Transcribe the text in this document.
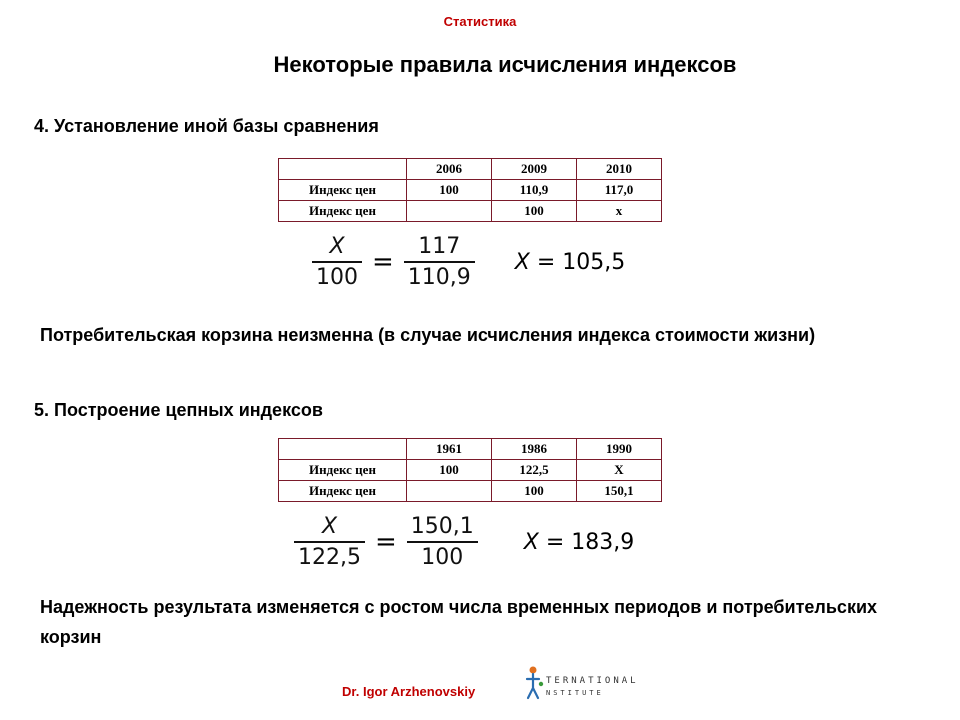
Статистика
Некоторые правила исчисления индексов
4. Установление иной базы сравнения
	2006	2009	2010
Индекс цен	100	110,9	117,0
Индекс цен		100	x
$\frac{X}{100} = \frac{117}{110,9}$ X = 105,5
Потребительская корзина неизменна (в случае исчисления индекса стоимости жизни)
5. Построение цепных индексов
	1961	1986	1990
Индекс цен	100	122,5	X
Индекс цен		100	150,1
$\frac{X}{122,5} = \frac{150,1}{100}$ X = 183,9
Надежность результата изменяется с ростом числа временных периодов и потребительских корзин
Dr. Igor Arzhenovskiy
TERNATIONAL
NSTITUTE
